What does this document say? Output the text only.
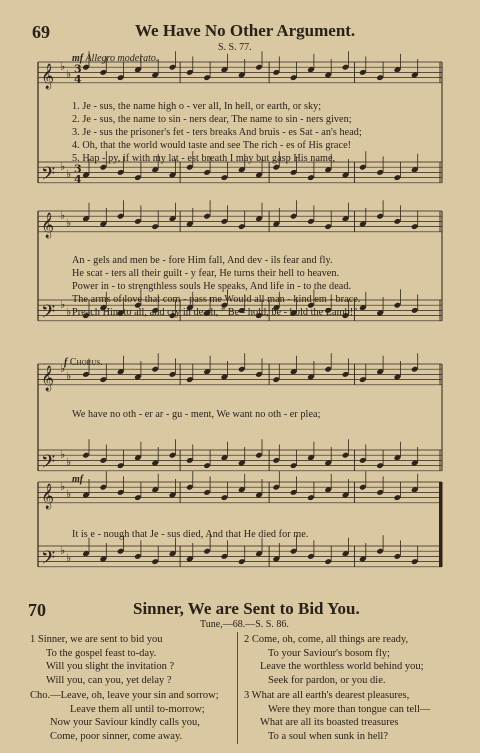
69	We Have No Other Argument.
S. S. 77.
mf Allegro moderato.
𝄞 ♭
♭
𝄢 ♭
♭
𝄞 ♭
♭
𝄢 ♭
♭
𝄞 ♭
♭
𝄢 ♭
♭
𝄞 ♭
♭
𝄢 ♭
♭
3
4
3
4
1. Je - sus, the name high o - ver all, In hell, or earth, or sky;
2. Je - sus, the name to sin - ners dear, The name to sin - ners given;
3. Je - sus the prisoner's fet - ters breaks And bruis - es Sat - an's head;
4. Oh, that the world would taste and see The rich - es of His grace!
5. Hap - py, if with my lat - est breath I may but gasp His name,
An - gels and men be - fore Him fall, And dev - ils fear and fly.
He scat - ters all their guilt - y fear, He turns their hell to heaven.
Power in - to strengthless souls He speaks, And life in - to the dead.
The arms of love that com - pass me Would all man - kind em - brace.
Preach Him to all, and cry in death, " Be - hold, be - hold the Lamb!"
f Chorus.
We have no oth - er ar - gu - ment, We want no oth - er plea;
mf
It is e - nough that Je - sus died, And that He died for me.
70	Sinner, We are Sent to Bid You.
Tune,—68.—S. S. 86.
1 Sinner, we are sent to bid you
To the gospel feast to-day.
Will you slight the invitation ?
Will you, can you, yet delay ?
Cho.—Leave, oh, leave your sin and sorrow;
Leave them all until to-morrow;
Now your Saviour kindly calls you,
Come, poor sinner, come away.
2 Come, oh, come, all things are ready,
To your Saviour's bosom fly;
Leave the worthless world behind you;
Seek for pardon, or you die.
3 What are all earth's dearest pleasures,
Were they more than tongue can tell—
What are all its boasted treasures
To a soul when sunk in hell?
